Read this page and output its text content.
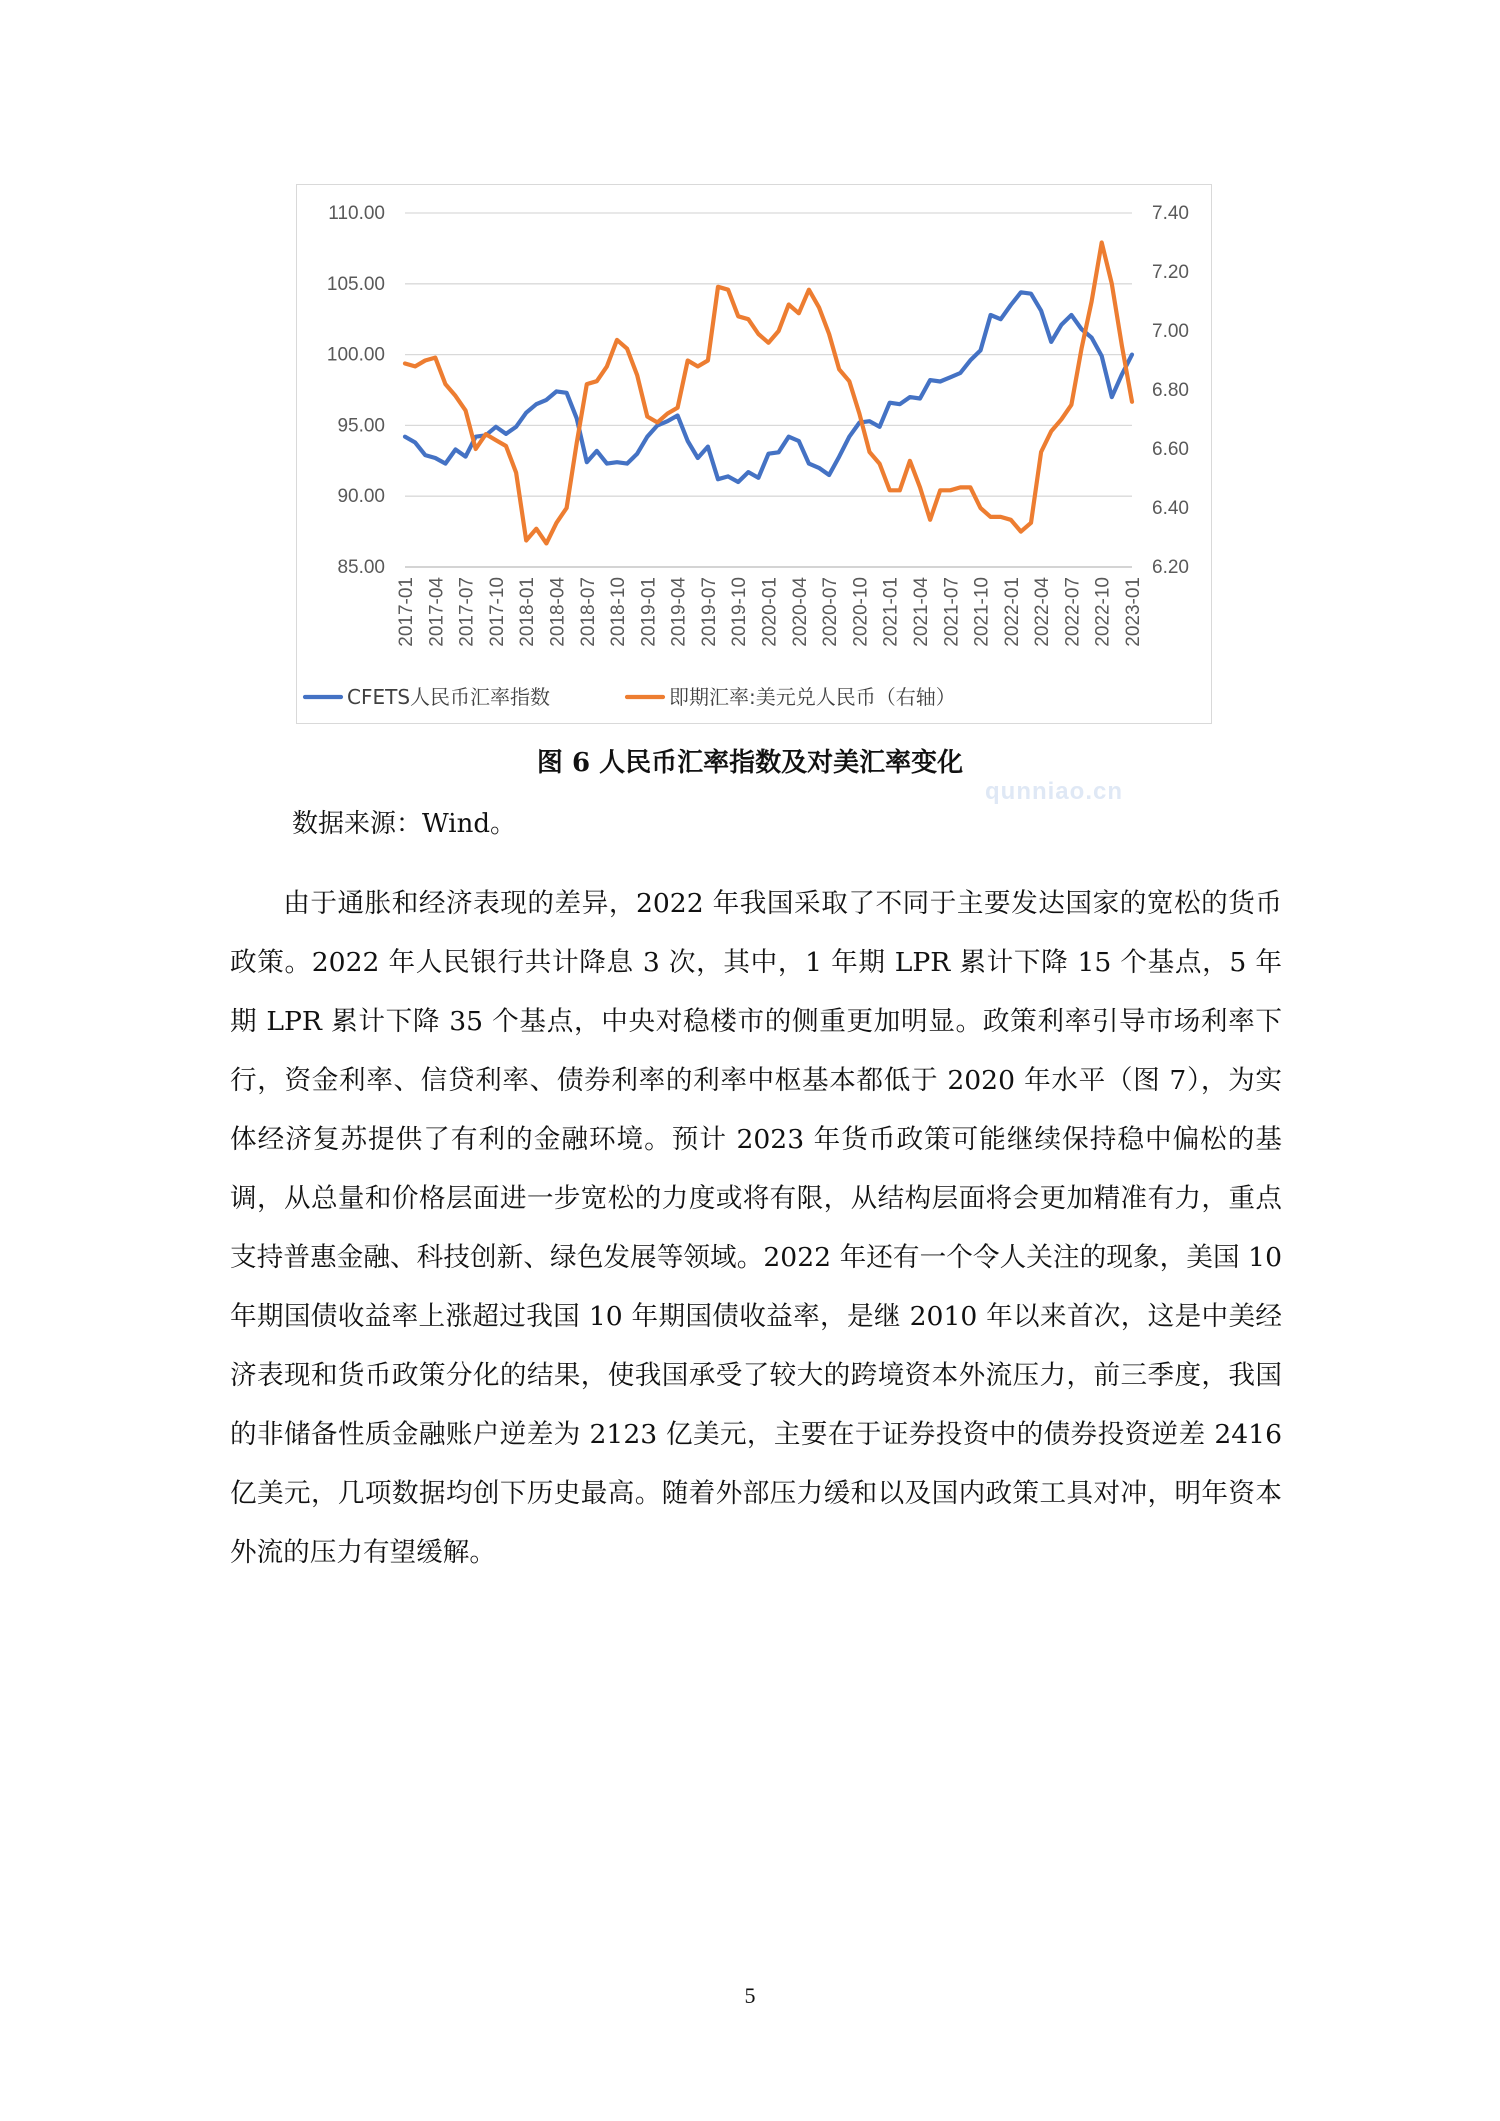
85.00
90.00
95.00
100.00
105.00
110.00
6.20
6.40
6.60
6.80
7.00
7.20
7.40
2017-01 2017-04 2017-07 2017-10 2018-01 2018-04 2018-07 2018-10 2019-01 2019-04 2019-07 2019-10 2020-01 2020-04 2020-07 2020-10 2021-01 2021-04 2021-07 2021-10 2022-01 2022-04 2022-07 2022-10 2023-01
CFETS人民币汇率指数	即期汇率:美元兑人民币（右轴）
图 6 人民币汇率指数及对美汇率变化
数据来源：Wind。

由于通胀和经济表现的差异，2022 年我国采取了不同于主要发达国家的宽松的货币政策。2022 年人民银行共计降息 3 次，其中，1 年期 LPR 累计下降 15 个基点，5 年期 LPR 累计下降 35 个基点，中央对稳楼市的侧重更加明显。政策利率引导市场利率下行，资金利率、信贷利率、债券利率的利率中枢基本都低于 2020 年水平（图 7），为实体经济复苏提供了有利的金融环境。预计 2023 年货币政策可能继续保持稳中偏松的基调，从总量和价格层面进一步宽松的力度或将有限，从结构层面将会更加精准有力，重点支持普惠金融、科技创新、绿色发展等领域。2022 年还有一个令人关注的现象，美国 10 年期国债收益率上涨超过我国 10 年期国债收益率，是继 2010 年以来首次，这是中美经济表现和货币政策分化的结果，使我国承受了较大的跨境资本外流压力，前三季度，我国的非储备性质金融账户逆差为 2123 亿美元，主要在于证券投资中的债券投资逆差 2416 亿美元，几项数据均创下历史最高。随着外部压力缓和以及国内政策工具对冲，明年资本外流的压力有望缓解。

5
qunniao.cn
